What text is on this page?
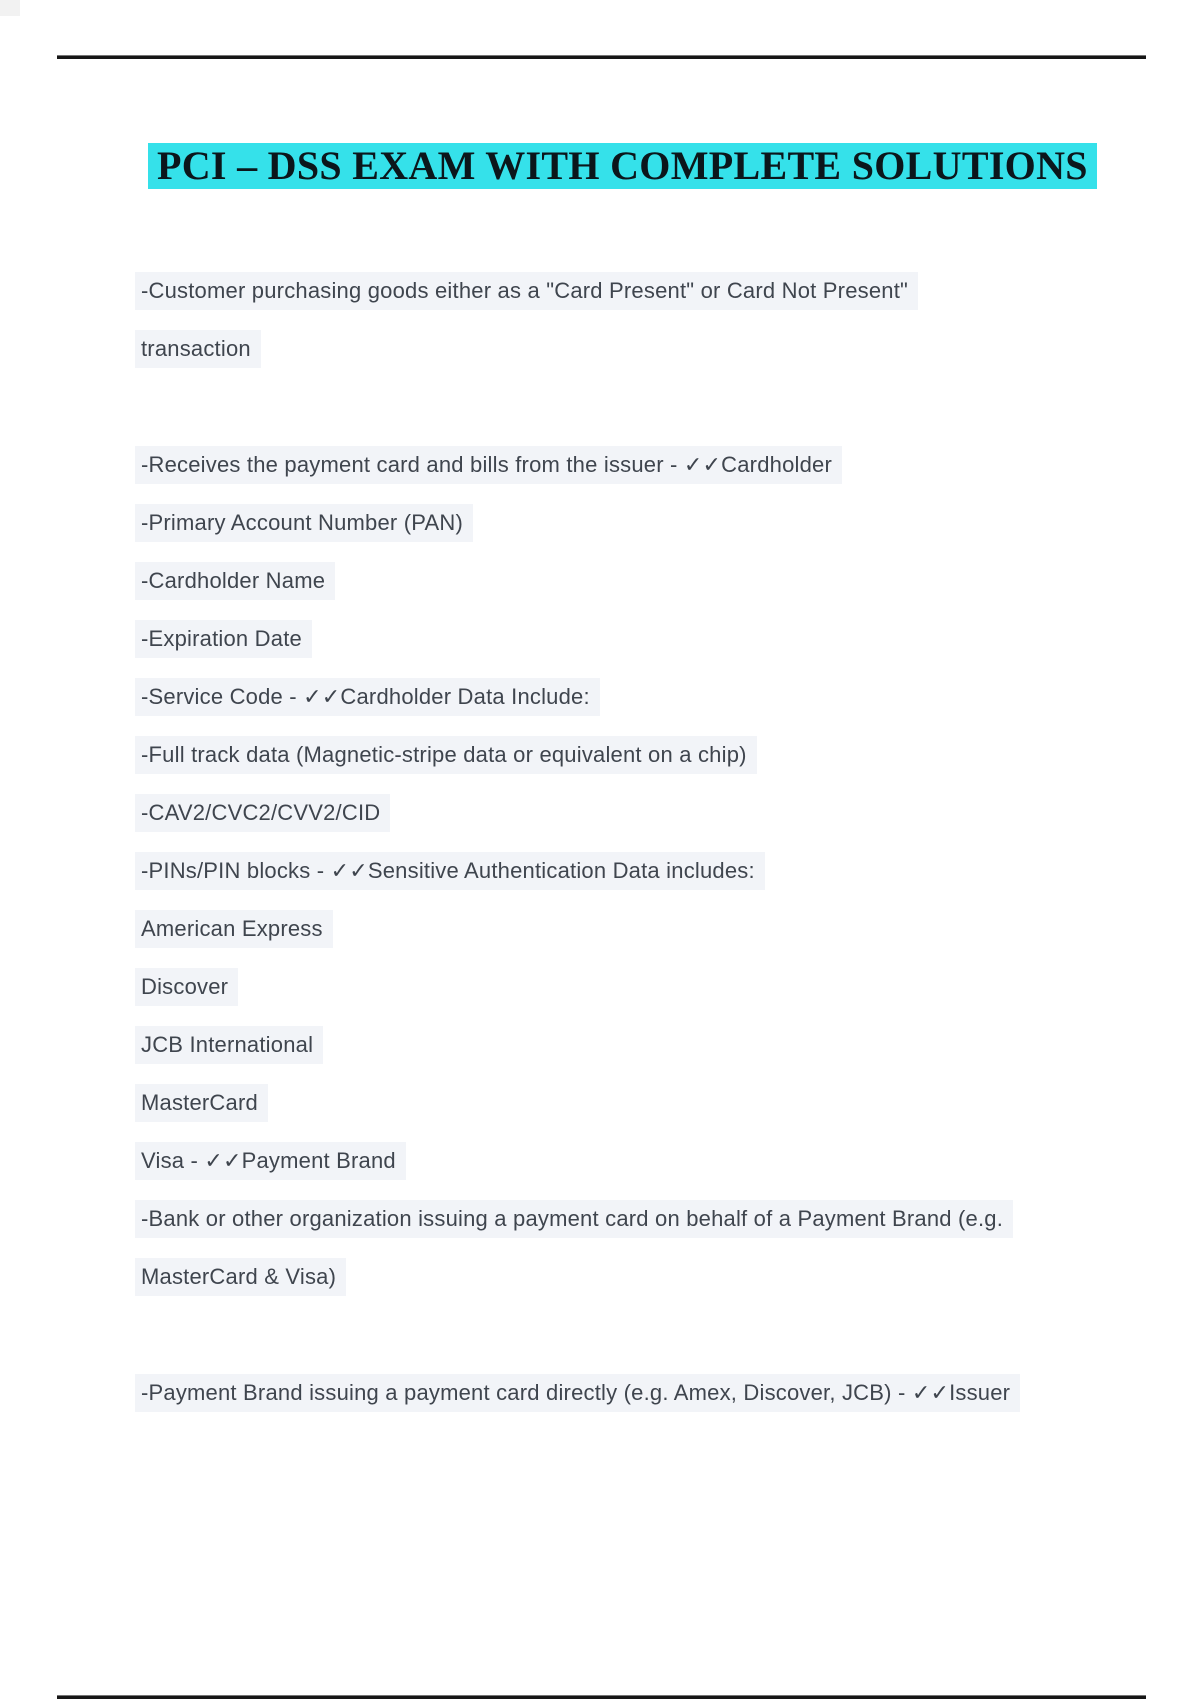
PCI – DSS EXAM WITH COMPLETE SOLUTIONS
-Customer purchasing goods either as a "Card Present" or Card Not Present"
transaction
-Receives the payment card and bills from the issuer - ✓✓Cardholder
-Primary Account Number (PAN)
-Cardholder Name
-Expiration Date
-Service Code - ✓✓Cardholder Data Include:
-Full track data (Magnetic-stripe data or equivalent on a chip)
-CAV2/CVC2/CVV2/CID
-PINs/PIN blocks - ✓✓Sensitive Authentication Data includes:
American Express
Discover
JCB International
MasterCard
Visa - ✓✓Payment Brand
-Bank or other organization issuing a payment card on behalf of a Payment Brand (e.g.
MasterCard & Visa)
-Payment Brand issuing a payment card directly (e.g. Amex, Discover, JCB) - ✓✓Issuer
